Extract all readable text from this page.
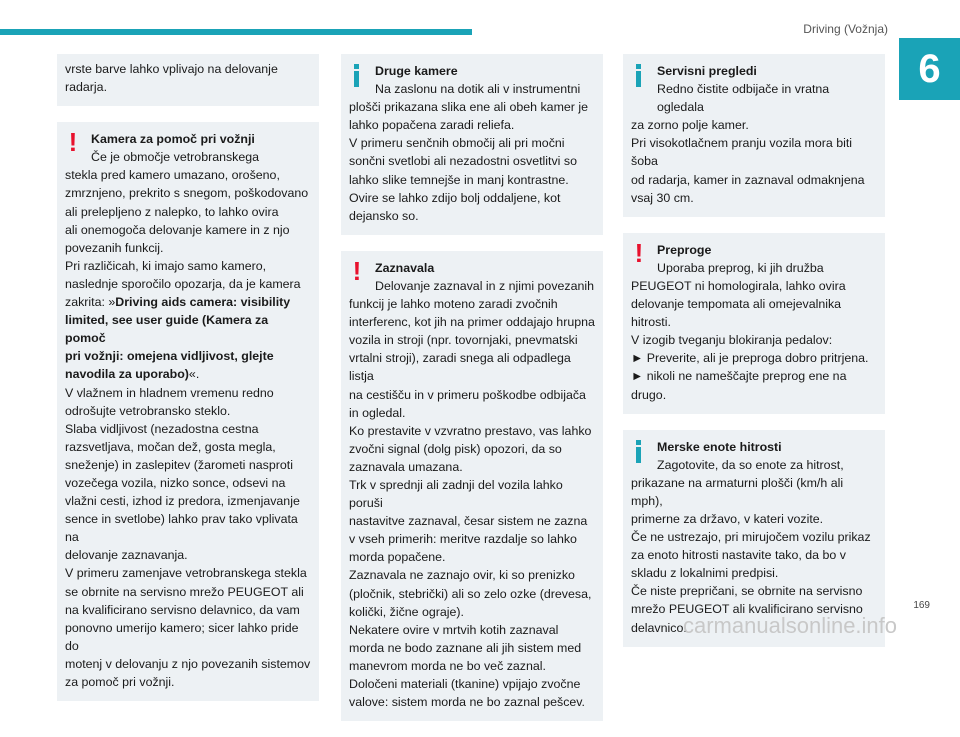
Driving (Vožnja)
6

vrste barve lahko vplivajo na delovanje

radarja.

!	Kamera za pomoč pri vožnji

Če je območje vetrobranskega

stekla pred kamero umazano, orošeno,

zmrznjeno, prekrito s snegom, poškodovano

ali prelepljeno z nalepko, to lahko ovira

ali onemogoča delovanje kamere in z njo

povezanih funkcij.

Pri različicah, ki imajo samo kamero,

naslednje sporočilo opozarja, da je kamera

zakrita: »Driving aids camera: visibility

limited, see user guide (Kamera za pomoč

pri vožnji: omejena vidljivost, glejte

navodila za uporabo)«.

V vlažnem in hladnem vremenu redno

odrošujte vetrobransko steklo.

Slaba vidljivost (nezadostna cestna

razsvetljava, močan dež, gosta megla,

sneženje) in zaslepitev (žarometi nasproti

vozečega vozila, nizko sonce, odsevi na

vlažni cesti, izhod iz predora, izmenjavanje

sence in svetlobe) lahko prav tako vplivata na

delovanje zaznavanja.

V primeru zamenjave vetrobranskega stekla

se obrnite na servisno mrežo PEUGEOT ali

na kvalificirano servisno delavnico, da vam

ponovno umerijo kamero; sicer lahko pride do

motenj v delovanju z njo povezanih sistemov

za pomoč pri vožnji.

Druge kamere

Na zaslonu na dotik ali v instrumentni

plošči prikazana slika ene ali obeh kamer je

lahko popačena zaradi reliefa.

V primeru senčnih območij ali pri močni

sončni svetlobi ali nezadostni osvetlitvi so

lahko slike temnejše in manj kontrastne.

Ovire se lahko zdijo bolj oddaljene, kot

dejansko so.

!	Zaznavala

Delovanje zaznaval in z njimi povezanih

funkcij je lahko moteno zaradi zvočnih

interferenc, kot jih na primer oddajajo hrupna

vozila in stroji (npr. tovornjaki, pnevmatski

vrtalni stroji), zaradi snega ali odpadlega listja

na cestišču in v primeru poškodbe odbijača

in ogledal.

Ko prestavite v vzvratno prestavo, vas lahko

zvočni signal (dolg pisk) opozori, da so

zaznavala umazana.

Trk v sprednji ali zadnji del vozila lahko poruši

nastavitve zaznaval, česar sistem ne zazna

v vseh primerih: meritve razdalje so lahko

morda popačene.

Zaznavala ne zaznajo ovir, ki so prenizko

(pločnik, stebrički) ali so zelo ozke (drevesa,

količki, žične ograje).

Nekatere ovire v mrtvih kotih zaznaval

morda ne bodo zaznane ali jih sistem med

manevrom morda ne bo več zaznal.

Določeni materiali (tkanine) vpijajo zvočne

valove: sistem morda ne bo zaznal pešcev.

Servisni pregledi

Redno čistite odbijače in vratna ogledala

za zorno polje kamer.

Pri visokotlačnem pranju vozila mora biti šoba

od radarja, kamer in zaznaval odmaknjena

vsaj 30 cm.

!	Preproge

Uporaba preprog, ki jih družba

PEUGEOT ni homologirala, lahko ovira

delovanje tempomata ali omejevalnika

hitrosti.

V izogib tveganju blokiranja pedalov:

► Preverite, ali je preproga dobro pritrjena.

► nikoli ne nameščajte preprog ene na

drugo.

Merske enote hitrosti

Zagotovite, da so enote za hitrost,

prikazane na armaturni plošči (km/h ali mph),

primerne za državo, v kateri vozite.

Če ne ustrezajo, pri mirujočem vozilu prikaz

za enoto hitrosti nastavite tako, da bo v

skladu z lokalnimi predpisi.

Če niste prepričani, se obrnite na servisno

mrežo PEUGEOT ali kvalificirano servisno

delavnico.

169
carmanualsonline.info
